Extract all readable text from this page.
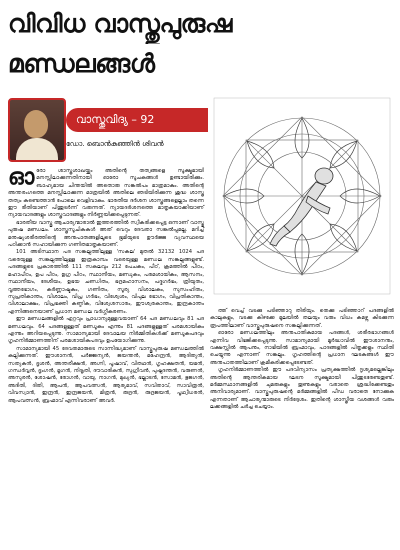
വിവിധ വാസ്തുപുരുഷ
മണ്ഡലങ്ങൾ
വാസ്തുവിദ്യ – 92
ഡോ. ബൊൻകുഞ്ഞിൻ ശിവൻ

ഓരോ ശാസ്ത്രശാഖയ്ക്കും അതിന്റെ തത്വങ്ങളെ സൂക്ഷ്മമായി മനസ്സിലാക്കുന്നതിനായി ഓരോ സൂചകങ്ങൾ ഉണ്ടായിരിക്കും. ബാഹ്യമായ ചിന്തയിൽ അതൊരു സങ്കൽപം മാത്രമാകും. അതിന്റെ അന്തരംഗത്തെ മനസ്സിലാക്കുന്ന മാത്രയിൽ അതിലെ ഞടിയിരിക്കുന്ന ശുദ്ധ ശാസ്ത്ര തത്വം കണ്ടെത്താൻ പോലെ വെളിവാകും. ഭാരതീയ ദർശന ശാസ്ത്രങ്ങളെല്ലാം തന്നെ ഈ രീതിയാണ് പിന്തുടർന്ന് വരുന്നത്. ന്യായദർശനത്തെ മാതൃകയാക്കിയാണ് ന്യായവാദങ്ങളും ശാസ്ത്രവാദങ്ങളും നിർണ്ണയിക്കപ്പെടുന്നത്.

ഭാരതീയ വാസ്തു ആചാര്യന്മാരാൽ ഇത്തരത്തിൽ സ്വീകരിക്കപ്പെട്ട ഒന്നാണ് വാസ്തു പുരുഷ മണ്ഡലം. ശാസ്ത്രസൂചികകൾ അത് വെറും ദേവതാ സങ്കൽപ്പമല്ല. മറിച്ച് മനുഷ്യശരീരത്തിന്റെ അനുപാതങ്ങളിലൂടെ ഭൂമിയുടെ ഊർജ്ജ വ്യവസ്ഥയെ പഠിക്കാൻ സഹായിക്കുന്ന ഗണിതമാതൃകയാണ്.

101 അടിസ്ഥാന പദ സങ്കല്പത്തിലുള്ള 'സകല' മുതൽ 32132 1024 പദ വരെയുള്ള സങ്കല്പത്തിലുള്ള ഇത്രകാമ്പം വരെയുള്ള മണ്ഡല സങ്കല്പങ്ങളുണ്ട്. പദങ്ങളുടെ പ്രകാരത്തിൽ 111 സകലവും 212 പേചകം, പീഠ്, ക്രമത്തിൽ പീഠം, മഹാപീഠം, ഉപ പീഠം, ഉഗ്ര പീഠം, സ്ഥാനീയം, മണ്ഡുകം, പരമശായികം, ആസനം, സ്ഥാനീയം, ദേശീയം, ഉഭയ ചണ്ഡിതം, ഭദ്രമഹാസനം, പദ്മഗർഭം, ത്രിയുതം, വൃത്തഭോഗം, കർണ്ണാഷ്ടകം, ഗണിതം, സൂര്യ വിശാലകം, സുസംഹിതം, സുപ്രതികാന്തം, വിശാലം, വിപ്ര ഗർഭം, വിശ്വേശം, വിപുല ഭോഗം, വിപ്രതികാന്തം, വിശാലാക്ഷം, വിപ്രഭക്തി കണ്ഠിക, വിശ്വേശസാരം, ഈശ്വരകാന്തം, ഇന്ദ്രകാന്തം എന്നിങ്ങനെയാണ് പ്രധാന മണ്ഡല വർഗ്ഗീകരണം.

ഈ മണ്ഡലങ്ങളിൽ ഏറ്റവും പ്രാധാന്യമുള്ളവയാണ് 64 പദ മണ്ഡലവും 81 പദ മണ്ഡലവും. 64 പദങ്ങളുള്ളത് മണ്ഡൂകം എന്നും 81 പദങ്ങളുള്ളത് പരമശായികം എന്നും അറിയപ്പെടുന്നു. സാമാന്യമായി ദേവാലയ നിർമ്മിതികൾക്ക് മണ്ഡൂകപദവും ഗൃഹനിർമ്മാണത്തിന് പരമശായികപദവും ഉപയോഗിക്കുന്നു.

സാമാന്യമായി 45 ദേവതമാരുടെ സാന്നിദ്ധ്യമാണ് വാസ്തുപുരുഷ മണ്ഡലത്തിൽ കല്പിക്കുന്നത്. ഈശാനൻ, പർജ്ജന്യൻ, ജയന്തൻ, മഹേന്ദ്രൻ, ആദിത്യൻ, സത്യകൻ, ഭൃശൻ, അന്തരീക്ഷൻ, അഗ്നി, പൂഷാവ്, വിതഥൻ, ഗൃഹക്ഷതൻ, യമൻ, ഗന്ധർവ്വൻ, ഭൃംഗൻ, മൃഗൻ, നിരൃതി, ദൗവാരികൻ, സുഗ്രീവൻ, പുഷ്പദന്തൻ, വരുണൻ, അസുരൻ, ശോഷൻ, രോഗൻ, വായു, നാഗൻ, മുഖ്യൻ, ഭല്ലാടൻ, സോമൻ, ഭുജഗൻ, അദിതി, ദിതി, ആപൻ, ആപവത്സൻ, ആര്യമാവ്, സവിതാവ്, സാവിത്രൻ, വിവസ്വാൻ, ഇന്ദ്രൻ, ഇന്ദ്രജയൻ, മിത്രൻ, രുദ്രൻ, രുദ്രജയൻ, പൃഥ്വീധരൻ, ആപവത്സൻ, ബ്രഹ്മാവ് എന്നിവരാണ് അവർ.

ത്ത് വെച്ച് വടക്കു പടിഞ്ഞാറു തിരിയും. തെക്കു പടിഞ്ഞാറ് പദങ്ങളിൽ കാലുകളും, വടക്കു കിഴക്കേ മൂലയിൽ തലയും വരും വിധം കമഴ്ന്നു കിടക്കുന്ന രൂപത്തിലാണ് വാസ്തുപുരുഷനെ സങ്കല്പിക്കുന്നത്.

ഓരോ മണ്ഡലത്തിലും അനുപാതികമായ പദങ്ങൾ, ശരീരഭാഗങ്ങൾ എന്നിവ വിഭജിക്കപ്പെടുന്നു. സാമാന്യമായി മൂർദ്ധാവിൽ ഈശാനനും, വക്ഷസ്സിൽ ആപനും, നാഭിയിൽ ബ്രഹ്മാവും, പാദങ്ങളിൽ പിതൃക്കളും സ്ഥിതി ചെയ്യുന്നു എന്നാണ് സങ്കല്പം. ഗൃഹത്തിന്റെ പ്രധാന ഘടകങ്ങൾ ഈ അനുപാതത്തിലാണ് ക്രമീകരിക്കപ്പെടേണ്ടത്.

ഗൃഹനിർമ്മാണത്തിൽ ഈ പദവിന്യാസം പ്രത്യക്ഷത്തിൽ ദൃശ്യമല്ലെങ്കിലും അതിന്റെ ആന്തരികമായ ഘടന സൂക്ഷ്മമായി പിന്തുടരേണ്ടതുണ്ട്. മർമ്മസ്ഥാനങ്ങളിൽ ചുമരുകളും തൂണുകളും വരാതെ ശ്രദ്ധിക്കേണ്ടതും അനിവാര്യമാണ്. വാസ്തുപുരുഷന്റെ മർമ്മങ്ങളിൽ പീഡ വരാതെ നോക്കുക എന്നതാണ് ആചാര്യന്മാരുടെ നിർദ്ദേശം. ഇതിന്റെ ശാസ്ത്രീയ വശങ്ങൾ വരും ലക്കങ്ങളിൽ ചർച്ച ചെയ്യാം.
